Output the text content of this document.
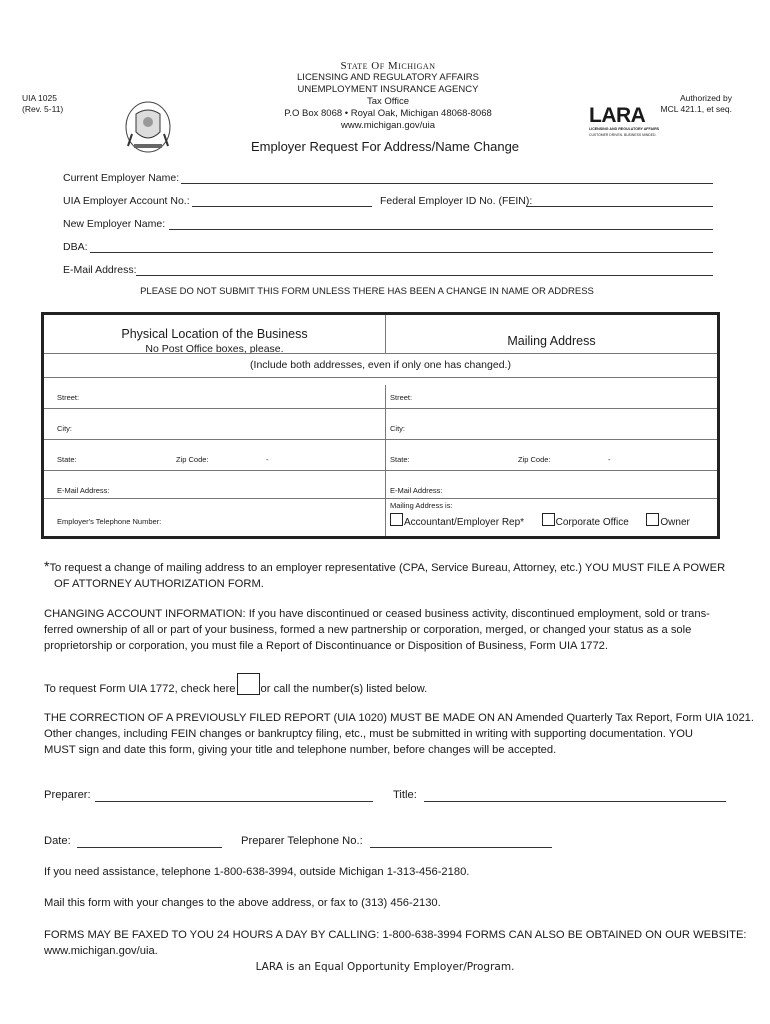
UIA 1025
(Rev. 5-11)
State Of Michigan
LICENSING AND REGULATORY AFFAIRS
UNEMPLOYMENT INSURANCE AGENCY
Tax Office
P.O Box 8068 • Royal Oak, Michigan 48068-8068
www.michigan.gov/uia
Authorized by
MCL 421.1, et seq.
LARA
LICENSING AND REGULATORY AFFAIRS
CUSTOMER DRIVEN. BUSINESS MINDED.
Employer Request For Address/Name Change
Current Employer Name:
UIA Employer Account No.:	Federal Employer ID No. (FEIN):
New Employer Name:
DBA:
E-Mail Address:
PLEASE DO NOT SUBMIT THIS FORM UNLESS THERE HAS BEEN A CHANGE IN NAME OR ADDRESS
Physical Location of the Business
No Post Office boxes, please.
Mailing Address
(Include both addresses, even if only one has changed.)
Street:	Street:
City:	City:
State:	Zip Code:	-	State:	Zip Code:	-
E-Mail Address:	E-Mail Address:
Employer's Telephone Number:
Mailing Address is:
Accountant/Employer Rep*	Corporate Office	Owner
*To request a change of mailing address to an employer representative (CPA, Service Bureau, Attorney, etc.) YOU MUST FILE A POWER
OF ATTORNEY AUTHORIZATION FORM.
CHANGING ACCOUNT INFORMATION: If you have discontinued or ceased business activity, discontinued employment, sold or trans-
ferred ownership of all or part of your business, formed a new partnership or corporation, merged, or changed your status as a sole
proprietorship or corporation, you must file a Report of Discontinuance or Disposition of Business, Form UIA 1772.
To request Form UIA 1772, check here or call the number(s) listed below.
THE CORRECTION OF A PREVIOUSLY FILED REPORT (UIA 1020) MUST BE MADE ON AN Amended Quarterly Tax Report, Form UIA 1021.
Other changes, including FEIN changes or bankruptcy filing, etc., must be submitted in writing with supporting documentation. YOU
MUST sign and date this form, giving your title and telephone number, before changes will be accepted.
Preparer:	Title:
Date:	Preparer Telephone No.:
If you need assistance, telephone 1-800-638-3994, outside Michigan 1-313-456-2180.
Mail this form with your changes to the above address, or fax to (313) 456-2130.
FORMS MAY BE FAXED TO YOU 24 HOURS A DAY BY CALLING: 1-800-638-3994 FORMS CAN ALSO BE OBTAINED ON OUR WEBSITE:
www.michigan.gov/uia.
LARA is an Equal Opportunity Employer/Program.
